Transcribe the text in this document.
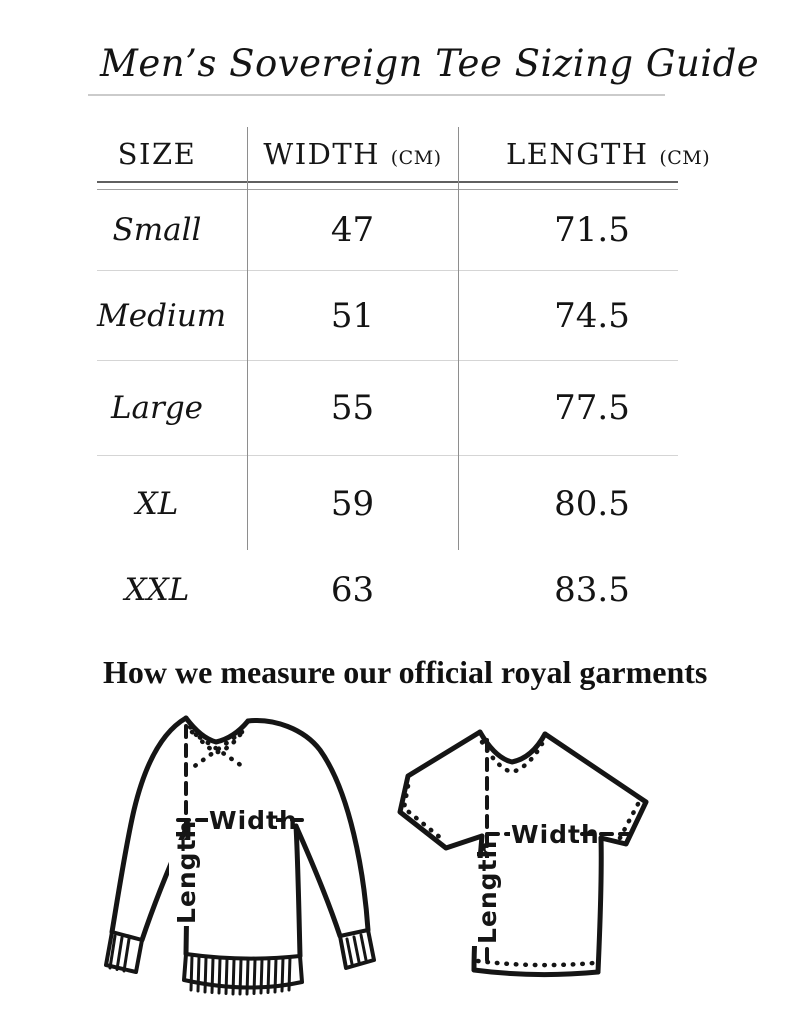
Men’s Sovereign Tee Sizing Guide
SIZE	WIDTH (CM)	LENGTH (CM)
Small	47	71.5
Medium	51	74.5
Large	55	77.5
XL	59	80.5
XXL	63	83.5
How we measure our official royal garments
Length Width
Length
Width
